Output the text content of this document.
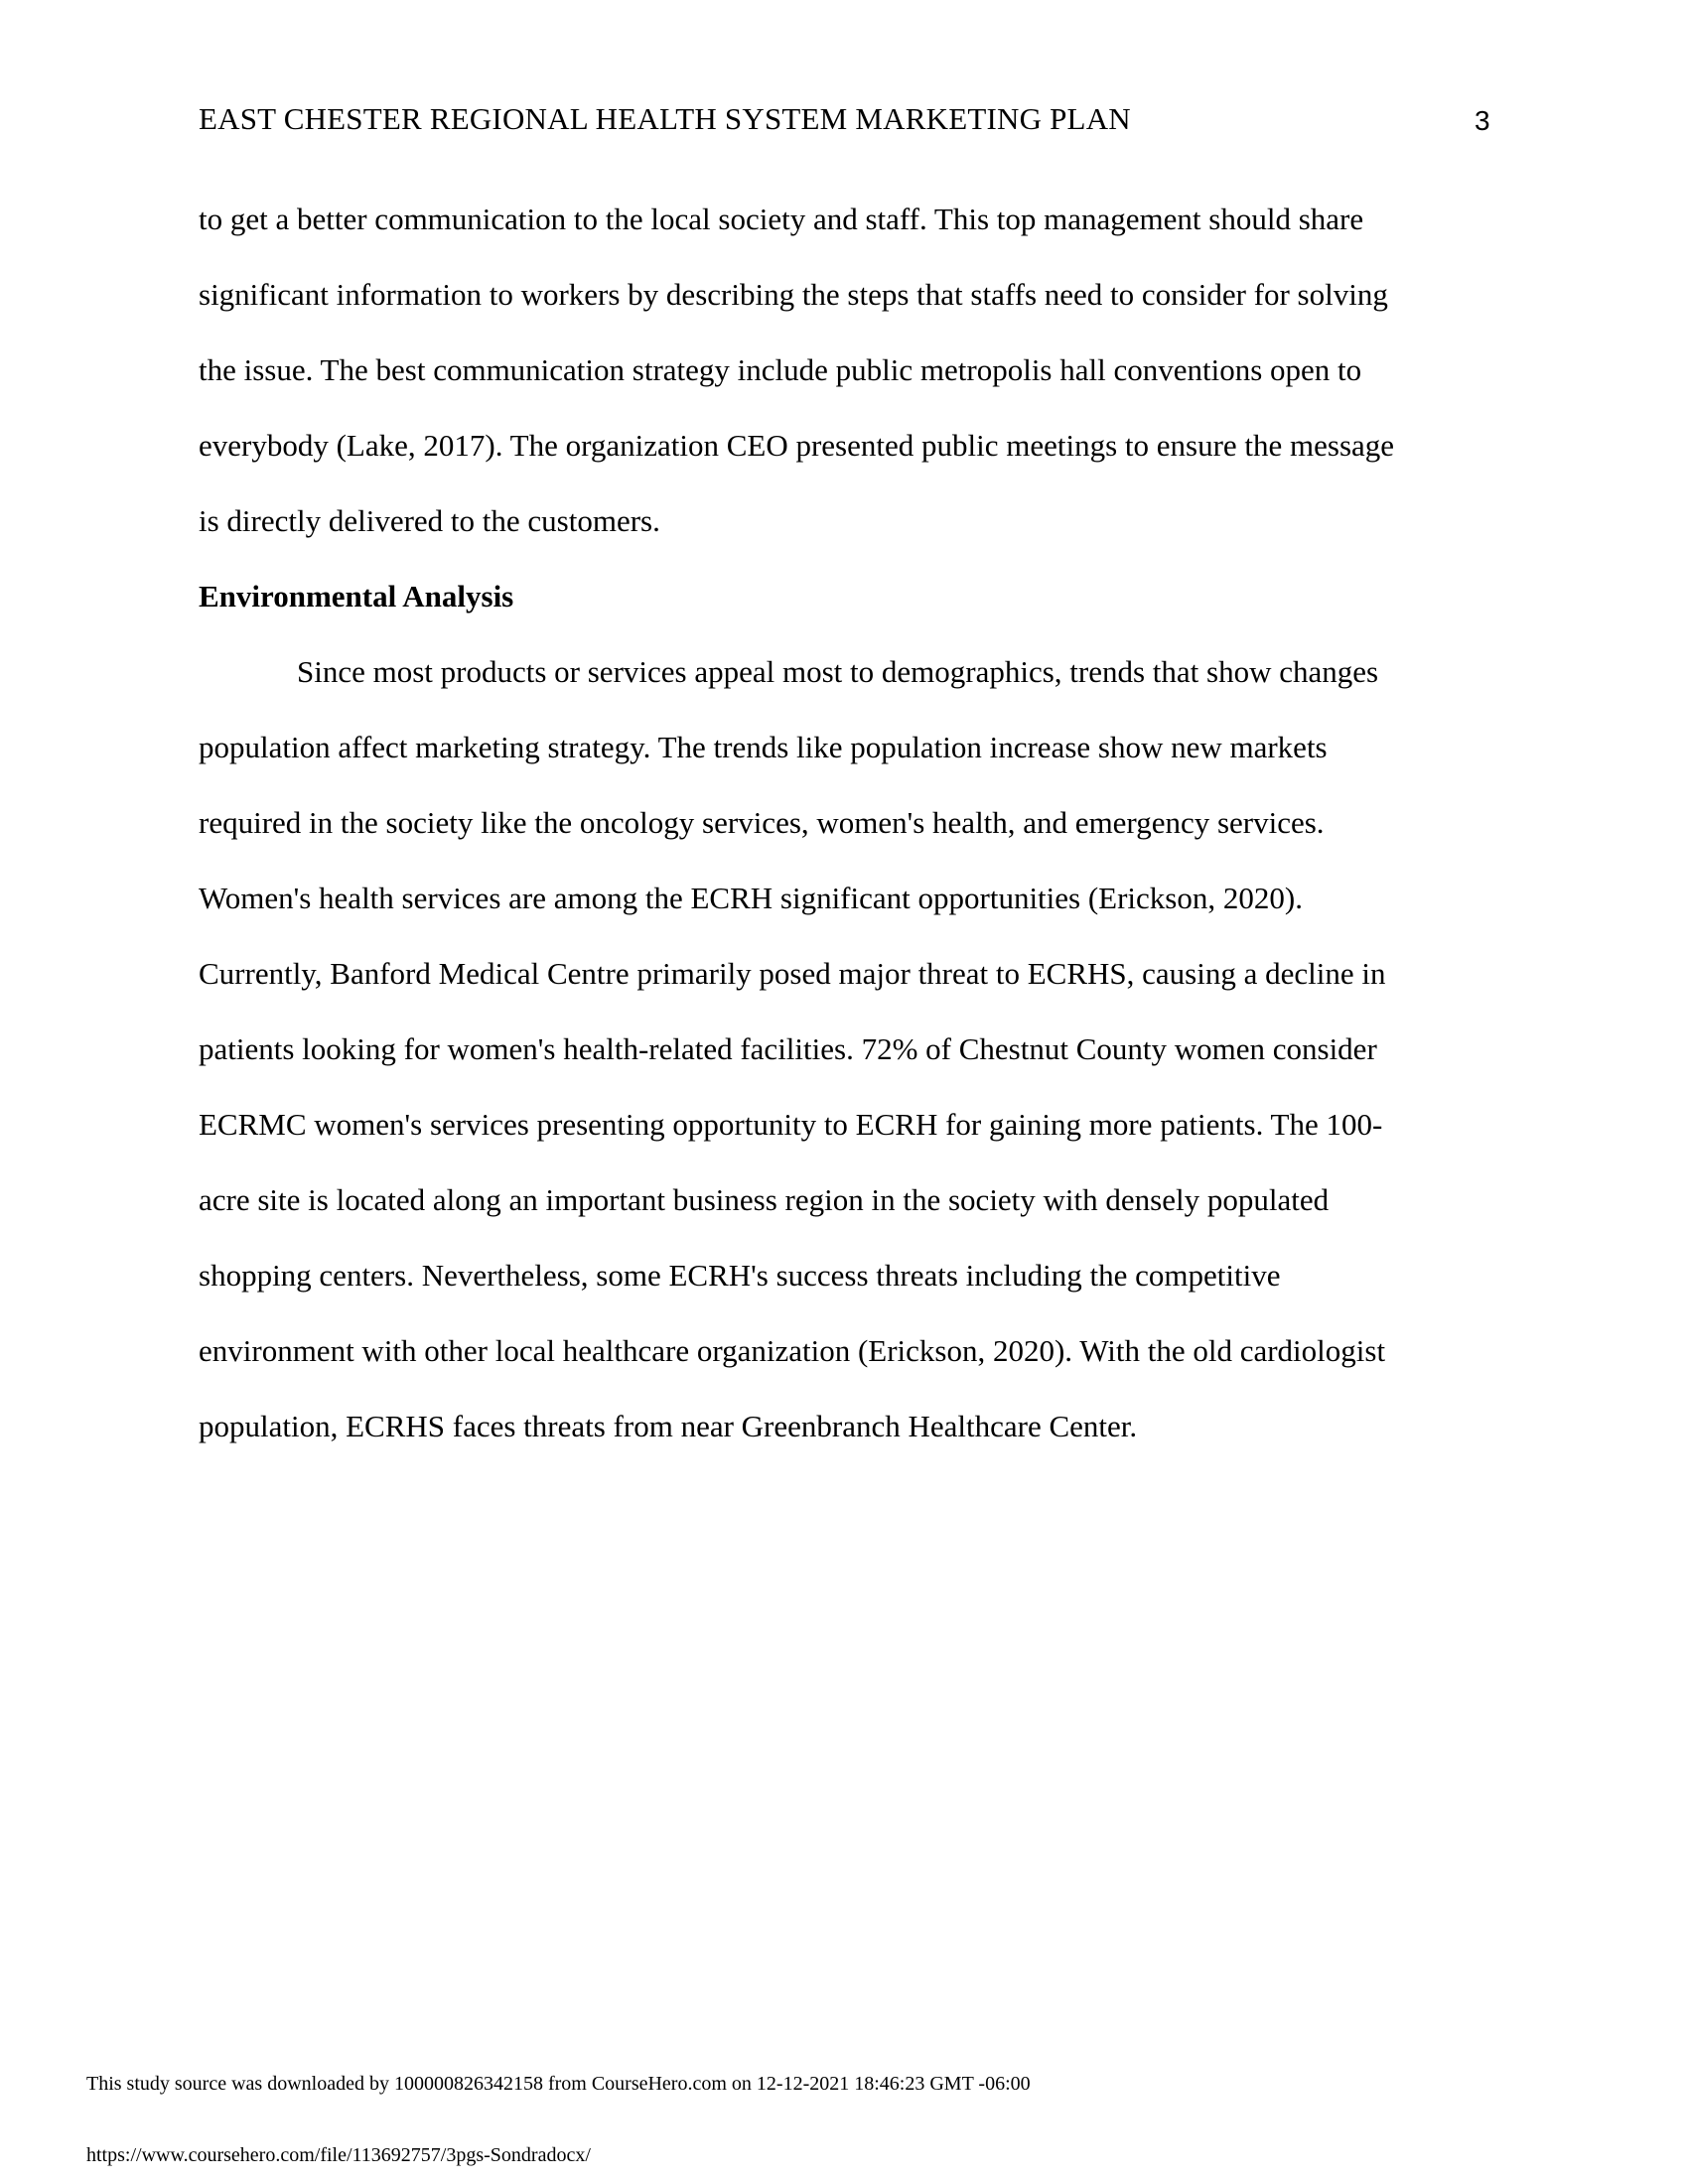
EAST CHESTER REGIONAL HEALTH SYSTEM MARKETING PLAN	3
to get a better communication to the local society and staff. This top management should share
significant information to workers by describing the steps that staffs need to consider for solving
the issue. The best communication strategy include public metropolis hall conventions open to
everybody (Lake, 2017). The organization CEO presented public meetings to ensure the message
is directly delivered to the customers.
Environmental Analysis
Since most products or services appeal most to demographics, trends that show changes
population affect marketing strategy. The trends like population increase show new markets
required in the society like the oncology services, women's health, and emergency services.
Women's health services are among the ECRH significant opportunities (Erickson, 2020).
Currently, Banford Medical Centre primarily posed major threat to ECRHS, causing a decline in
patients looking for women's health-related facilities. 72% of Chestnut County women consider
ECRMC women's services presenting opportunity to ECRH for gaining more patients. The 100-
acre site is located along an important business region in the society with densely populated
shopping centers. Nevertheless, some ECRH's success threats including the competitive
environment with other local healthcare organization (Erickson, 2020). With the old cardiologist
population, ECRHS faces threats from near Greenbranch Healthcare Center.
This study source was downloaded by 100000826342158 from CourseHero.com on 12-12-2021 18:46:23 GMT -06:00
https://www.coursehero.com/file/113692757/3pgs-Sondradocx/
